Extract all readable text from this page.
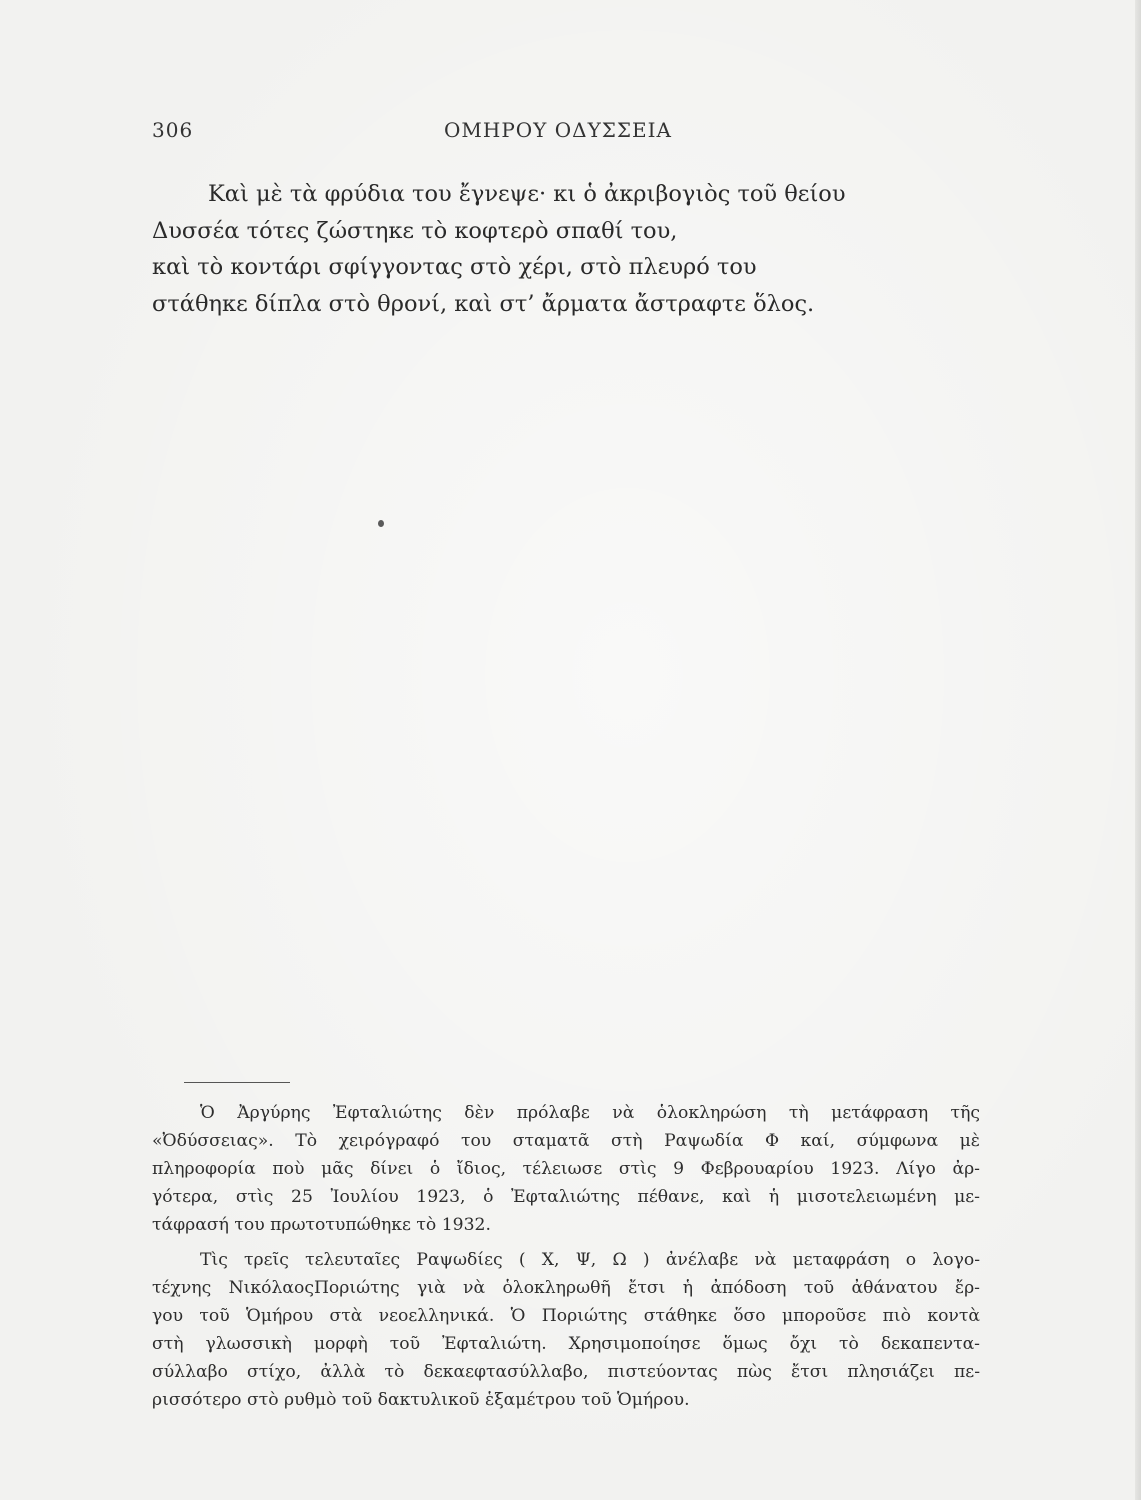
306	ΟΜΗΡΟΥ ΟΔΥΣΣΕΙΑ
Καὶ μὲ τὰ φρύδια του ἔγνεψε· κι ὁ ἀκριβογιὸς τοῦ θείου
Δυσσέα τότες ζώστηκε τὸ κοφτερὸ σπαθί του,
καὶ τὸ κοντάρι σφίγγοντας στὸ χέρι, στὸ πλευρό του
στάθηκε δίπλα στὸ θρονί, καὶ στ’ ἄρματα ἄστραφτε ὅλος.

Ὁ Ἀργύρης Ἐφταλιώτης δὲν πρόλαβε νὰ ὁλοκληρώση τὴ μετάφραση τῆς
«Ὀδύσσειας». Τὸ χειρόγραφό του σταματᾶ στὴ Ραψωδία Φ καί, σύμφωνα μὲ
πληροφορία ποὺ μᾶς δίνει ὁ ἴδιος, τέλειωσε στὶς 9 Φεβρουαρίου 1923. Λίγο ἀρ-
γότερα, στὶς 25 Ἰουλίου 1923, ὁ Ἐφταλιώτης πέθανε, καὶ ἡ μισοτελειωμένη με-
τάφρασή του πρωτοτυπώθηκε τὸ 1932.

Τὶς τρεῖς τελευταῖες Ραψωδίες ( Χ, Ψ, Ω ) ἀνέλαβε νὰ μεταφράση ο λογο-
τέχνης ΝικόλαοςΠοριώτης γιὰ νὰ ὁλοκληρωθῆ ἔτσι ἡ ἀπόδοση τοῦ ἀθάνατου ἔρ-
γου τοῦ Ὁμήρου στὰ νεοελληνικά. Ὁ Ποριώτης στάθηκε ὅσο μποροῦσε πιὸ κοντὰ
στὴ γλωσσικὴ μορφὴ τοῦ Ἐφταλιώτη. Χρησιμοποίησε ὅμως ὄχι τὸ δεκαπεντα-
σύλλαβο στίχο, ἀλλὰ τὸ δεκαεφτασύλλαβο, πιστεύοντας πὼς ἔτσι πλησιάζει πε-
ρισσότερο στὸ ρυθμὸ τοῦ δακτυλικοῦ ἑξαμέτρου τοῦ Ὁμήρου.
